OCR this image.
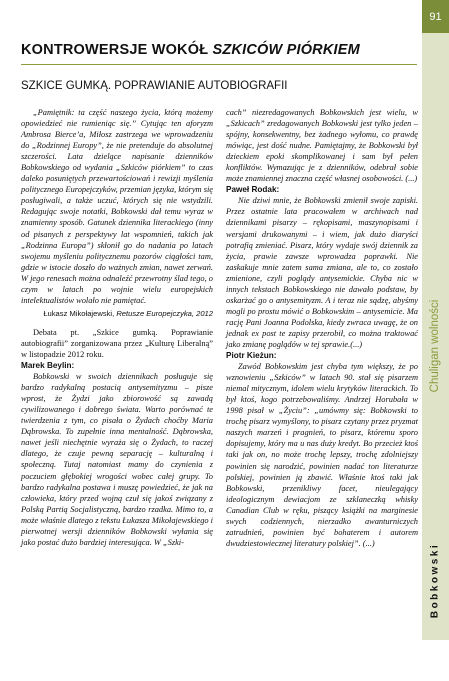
91
Chuligan wolności
Bobkowski
KONTROWERSJE WOKÓŁ SZKICÓW PIÓRKIEM
SZKICE GUMKĄ. POPRAWIANIE AUTOBIOGRAFII

„Pamiętnik: ta część naszego życia, którą możemy opowiedzieć nie rumieniąc się.” Cytując ten aforyzm Ambrosa Bierce’a, Miłosz zastrzega we wprowadzeniu do „Rodzinnej Europy”, że nie pretenduje do absolutnej szczerości. Lata dzielące napisanie dzienników Bobkowskiego od wydania „Szkiców piórkiem” to czas daleko posuniętych przewartościowań i rewizji myślenia politycznego Europejczyków, przemian języka, którym się posługiwali, a także uczuć, których się nie wstydzili. Redagując swoje notatki, Bobkowski dał temu wyraz w znamienny sposób. Gatunek dziennika literackiego (inny od pisanych z perspektywy lat wspomnień, takich jak „Rodzinna Europa”) skłonił go do nadania po latach swojemu myśleniu politycznemu pozorów ciągłości tam, gdzie w istocie doszło do ważnych zmian, nawet zerwań. W jego renesach można odnaleźć przewrotny ślad tego, o czym w latach po wojnie wielu europejskich intelektualistów wolało nie pamiętać.

Łukasz Mikołajewski, Retusze Europejczyka, 2012

Debata pt. „Szkice gumką. Poprawianie autobiografii” zorganizowana przez „Kulturę Liberalną” w listopadzie 2012 roku.

Marek Beylin:

Bobkowski w swoich dziennikach posługuje się bardzo radykalną postacią antysemityzmu – pisze wprost, że Żydzi jako zbiorowość są zawadą cywilizowanego i dobrego świata. Warto porównać te twierdzenia z tym, co pisała o Żydach choćby Maria Dąbrowska. To zupełnie inna mentalność. Dąbrowska, nawet jeśli niechętnie wyraża się o Żydach, to raczej dlatego, że czuje pewną separację – kulturalną i społeczną. Tutaj natomiast mamy do czynienia z poczuciem głębokiej wrogości wobec całej grupy. To bardzo radykalna postawa i muszę powiedzieć, że jak na człowieka, który przed wojną czuł się jakoś związany z Polską Partią Socjalistyczną, bardzo rzadka. Mimo to, a może właśnie dlatego z tekstu Łukasza Mikołajewskiego i pierwotnej wersji dzienników Bobkowski wyłania się jako postać dużo bardziej interesująca. W „Szki-

cach” niezredagowanych Bobkowskich jest wielu, w „Szkicach” zredagowanych Bobkowski jest tylko jeden – spójny, konsekwentny, bez żadnego wyłomu, co prawdę mówiąc, jest dość nudne. Pamiętajmy, że Bobkowski był dzieckiem epoki skomplikowanej i sam był pełen konfliktów. Wymazując je z dzienników, odebrał sobie może znamiennej znaczna część własnej osobowości. (...)

Paweł Rodak:

Nie dziwi mnie, że Bobkowski zmienił swoje zapiski. Przez ostatnie lata pracowałem w archiwach nad dziennikami pisarzy – rękopisami, maszynopisami i wersjami drukowanymi – i wiem, jak dużo diaryści potrafią zmieniać. Pisarz, który wydaje swój dziennik za życia, prawie zawsze wprowadza poprawki. Nie zaskakuje mnie zatem sama zmiana, ale to, co zostało zmienione, czyli poglądy antysemickie. Chyba nic w innych tekstach Bobkowskiego nie dawało podstaw, by oskarżać go o antysemityzm. A i teraz nie sądzę, abyśmy mogli po prostu mówić o Bobkowskim – antysemicie. Ma rację Pani Joanna Podolska, kiedy zwraca uwagę, że on jednak ex post te zapisy przerobił, co można traktować jako zmianę poglądów w tej sprawie.(...)

Piotr Kieżun:

Zawód Bobkowskim jest chyba tym większy, że po wznowieniu „Szkiców” w latach 90. stał się pisarzem niemal mitycznym, idolem wielu krytyków literackich. To był ktoś, kogo potrzebowaliśmy. Andrzej Horubała w 1998 pisał w „Życiu”: „umówmy się: Bobkowski to trochę pisarz wymyślony, to pisarz czytany przez pryzmat naszych marzeń i pragnień, to pisarz, któremu sporo dopisujemy, który ma u nas duży kredyt. Bo przecież ktoś taki jak on, no może trochę lepszy, trochę zdolniejszy powinien się narodzić, powinien nadać ton literaturze polskiej, powinien ją zbawić. Właśnie ktoś taki jak Bobkowski, przenikliwy facet, nieulegający ideologicznym dewiacjom ze szklaneczką whisky Canadian Club w ręku, piszący książki na marginesie swych codziennych, nierzadko awanturniczych zatrudnień, powinien być bohaterem i autorem dwudziestowiecznej literatury polskiej”. (...)
